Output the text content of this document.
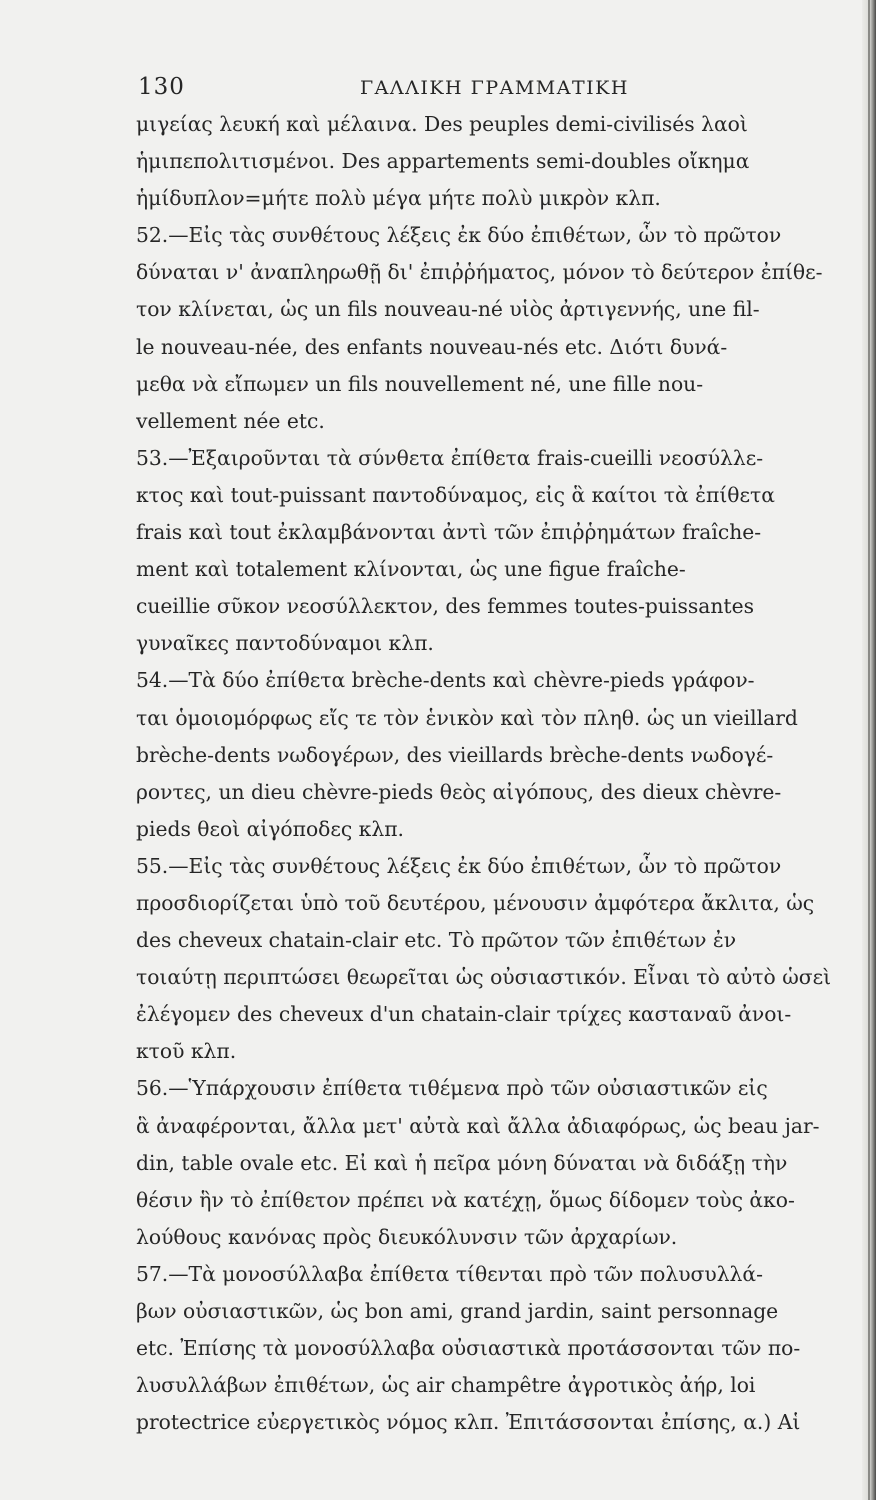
130	ΓΑΛΛΙΚΗ ΓΡΑΜΜΑΤΙΚΗ
μιγείας λευκή καὶ μέλαινα. Des peuples demi-civilisés λαοὶ
ἡμιπεπολιτισμένοι. Des appartements semi-doubles οἴκημα
ἡμίδυπλον=μήτε πολὺ μέγα μήτε πολὺ μικρὸν κλπ.
52.—Εἰς τὰς συνθέτους λέξεις ἐκ δύο ἐπιθέτων, ὧν τὸ πρῶτον
δύναται ν' ἀναπληρωθῇ δι' ἐπιῤῥήματος, μόνον τὸ δεύτερον ἐπίθε-
τον κλίνεται, ὡς un fils nouveau-né υἱὸς ἀρτιγεννής, une fil-
le nouveau-née, des enfants nouveau-nés etc. Διότι δυνά-
μεθα νὰ εἴπωμεν un fils nouvellement né, une fille nou-
vellement née etc.
53.—Ἐξαιροῦνται τὰ σύνθετα ἐπίθετα frais-cueilli νεοσύλλε-
κτος καὶ tout-puissant παντοδύναμος, εἰς ἃ καίτοι τὰ ἐπίθετα
frais καὶ tout ἐκλαμβάνονται ἀντὶ τῶν ἐπιῤῥημάτων fraîche-
ment καὶ totalement κλίνονται, ὡς une figue fraîche-
cueillie σῦκον νεοσύλλεκτον, des femmes toutes-puissantes
γυναῖκες παντοδύναμοι κλπ.
54.—Τὰ δύο ἐπίθετα brèche-dents καὶ chèvre-pieds γράφον-
ται ὁμοιομόρφως εἴς τε τὸν ἑνικὸν καὶ τὸν πληθ. ὡς un vieillard
brèche-dents νωδογέρων, des vieillards brèche-dents νωδογέ-
ροντες, un dieu chèvre-pieds θεὸς αἰγόπους, des dieux chèvre-
pieds θεοὶ αἰγόποδες κλπ.
55.—Εἰς τὰς συνθέτους λέξεις ἐκ δύο ἐπιθέτων, ὧν τὸ πρῶτον
προσδιορίζεται ὑπὸ τοῦ δευτέρου, μένουσιν ἀμφότερα ἄκλιτα, ὡς
des cheveux chatain-clair etc. Τὸ πρῶτον τῶν ἐπιθέτων ἐν
τοιαύτῃ περιπτώσει θεωρεῖται ὡς οὐσιαστικόν. Εἶναι τὸ αὐτὸ ὡσεὶ
ἐλέγομεν des cheveux d'un chatain-clair τρίχες κασταναῦ ἀνοι-
κτοῦ κλπ.
56.—Ὑπάρχουσιν ἐπίθετα τιθέμενα πρὸ τῶν οὐσιαστικῶν εἰς
ἃ ἀναφέρονται, ἄλλα μετ' αὐτὰ καὶ ἄλλα ἀδιαφόρως, ὡς beau jar-
din, table ovale etc. Εἰ καὶ ἡ πεῖρα μόνη δύναται νὰ διδάξῃ τὴν
θέσιν ἣν τὸ ἐπίθετον πρέπει νὰ κατέχῃ, ὅμως δίδομεν τοὺς ἀκο-
λούθους κανόνας πρὸς διευκόλυνσιν τῶν ἀρχαρίων.
57.—Τὰ μονοσύλλαβα ἐπίθετα τίθενται πρὸ τῶν πολυσυλλά-
βων οὐσιαστικῶν, ὡς bon ami, grand jardin, saint personnage
etc. Ἐπίσης τὰ μονοσύλλαβα οὐσιαστικὰ προτάσσονται τῶν πο-
λυσυλλάβων ἐπιθέτων, ὡς air champêtre ἀγροτικὸς ἀήρ, loi
protectrice εὐεργετικὸς νόμος κλπ. Ἐπιτάσσονται ἐπίσης, α.) Αἱ
